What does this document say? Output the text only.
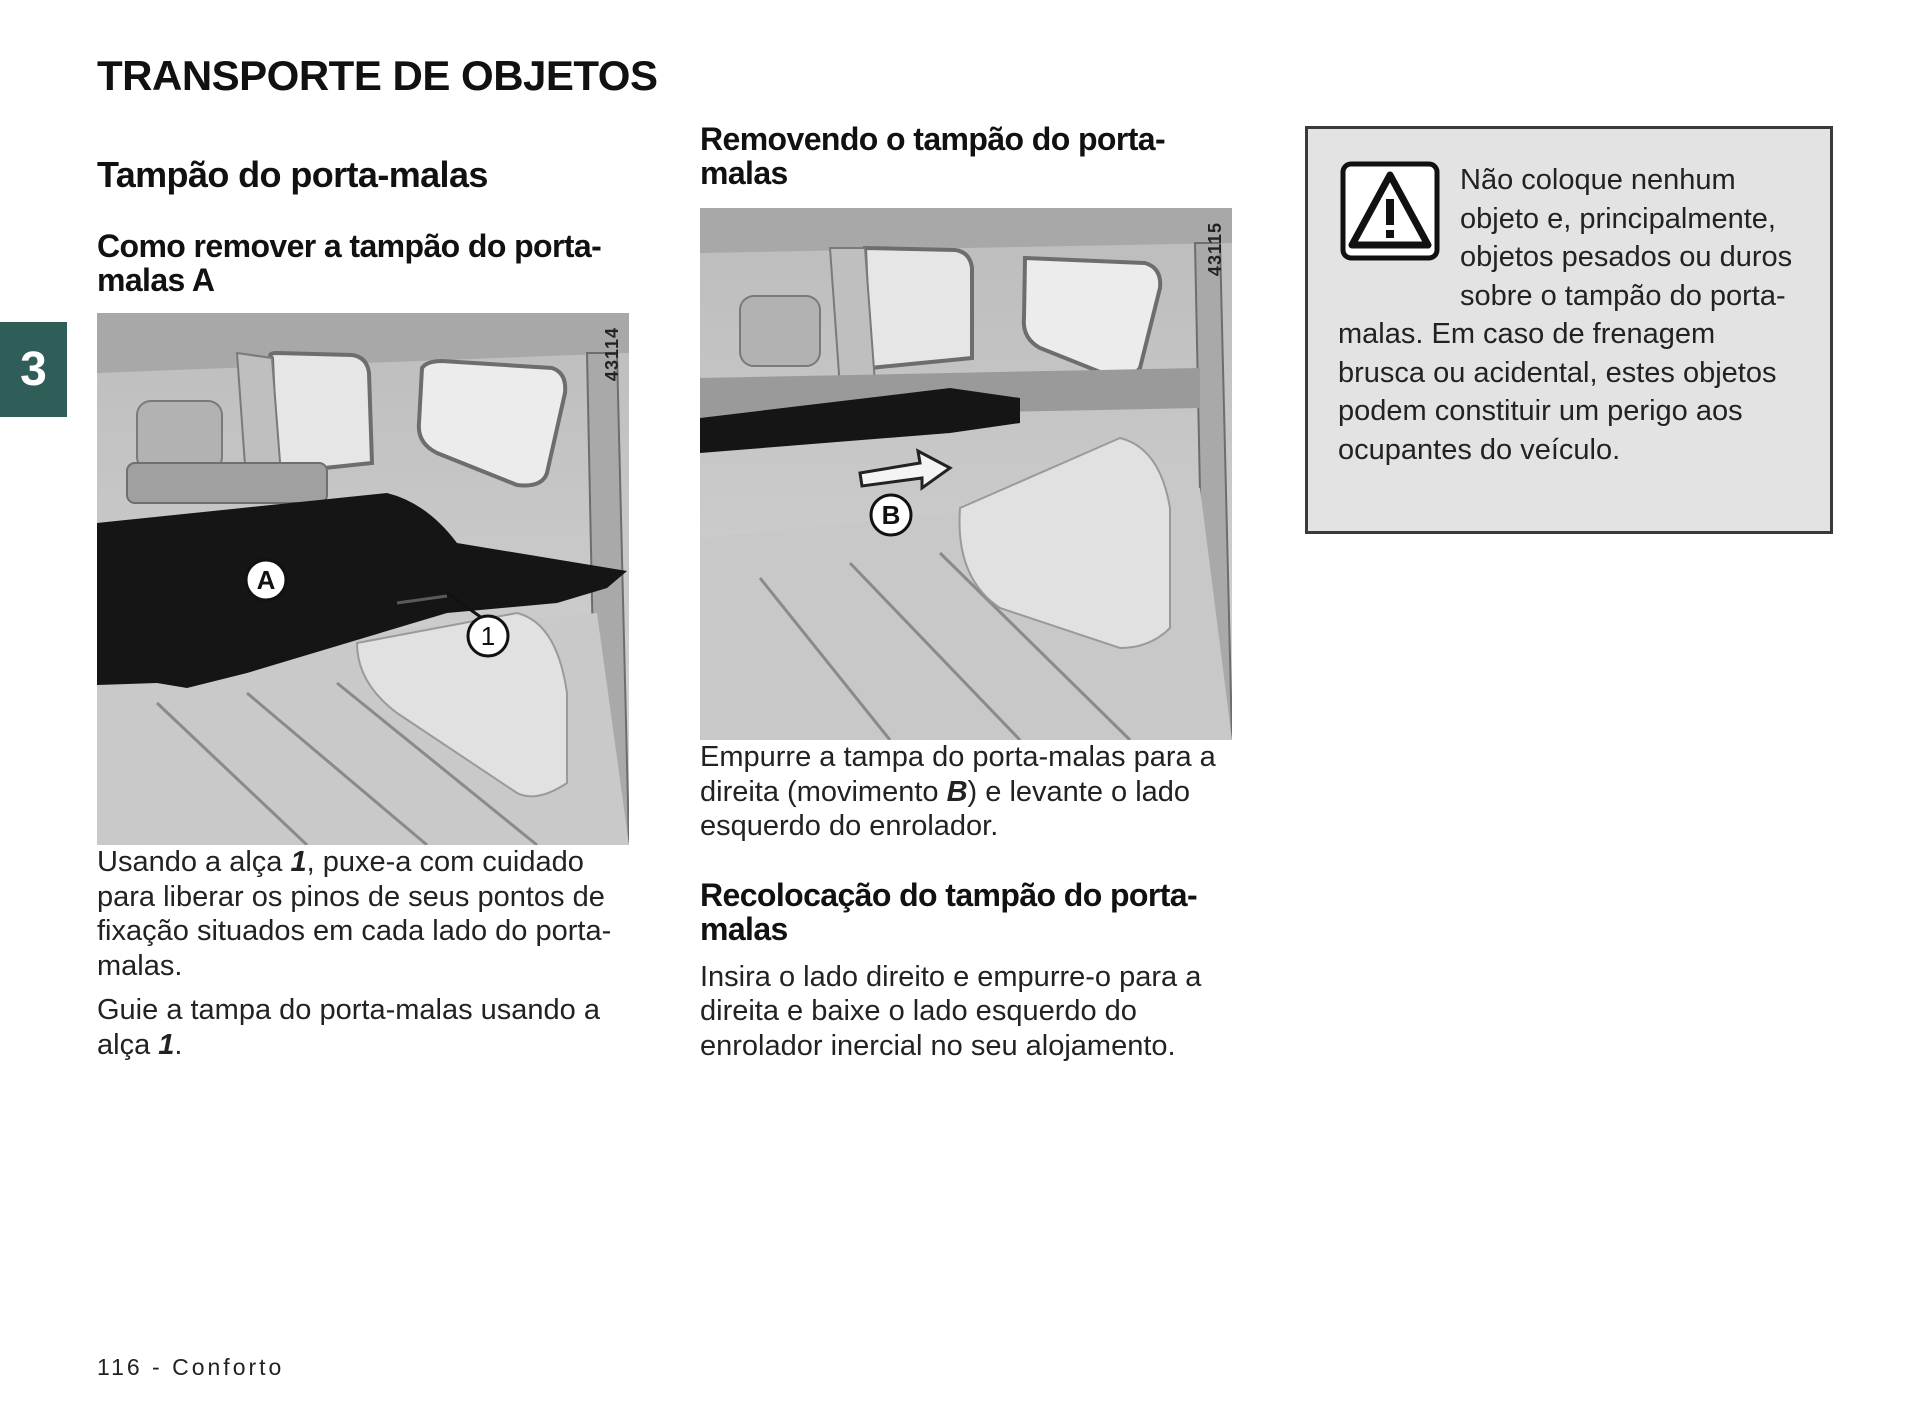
TRANSPORTE DE OBJETOS
3
Tampão do porta-malas
Como remover a tampão do porta-malas A
43114
A
1

Usando a alça 1, puxe-a com cuidado para liberar os pinos de seus pontos de fixação situados em cada lado do porta-malas.

Guie a tampa do porta-malas usando a alça 1.

Removendo o tampão do porta-malas
43115
B

Empurre a tampa do porta-malas para a direita (movimento B) e levante o lado esquerdo do enrolador.

Recolocação do tampão do porta-malas

Insira o lado direito e empurre-o para a direita e baixe o lado esquerdo do enrolador inercial no seu alojamento.

Não coloque nenhum objeto e, principalmente, objetos pesados ou duros sobre o tampão do porta-malas. Em caso de frenagem brusca ou acidental, estes objetos podem constituir um perigo aos ocupantes do veículo.

116 - Conforto
